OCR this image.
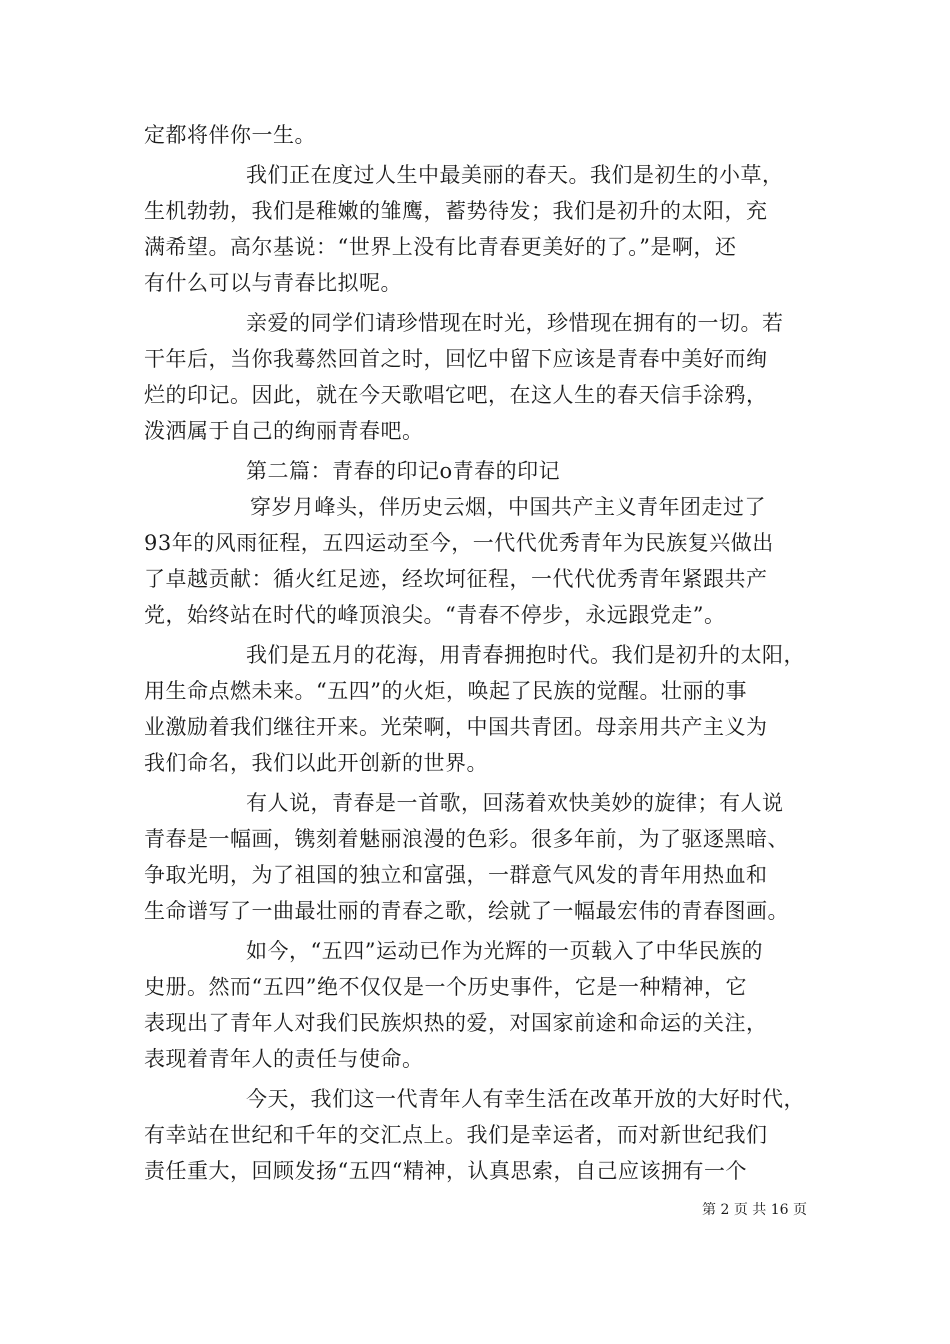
定都将伴你一生。
我们正在度过人生中最美丽的春天。我们是初生的小草，
生机勃勃，我们是稚嫩的雏鹰，蓄势待发；我们是初升的太阳，充
满希望。高尔基说：“世界上没有比青春更美好的了。”是啊，还
有什么可以与青春比拟呢。
亲爱的同学们请珍惜现在时光，珍惜现在拥有的一切。若
干年后，当你我蓦然回首之时，回忆中留下应该是青春中美好而绚
烂的印记。因此，就在今天歌唱它吧，在这人生的春天信手涂鸦，
泼洒属于自己的绚丽青春吧。
第二篇：青春的印记o青春的印记
穿岁月峰头，伴历史云烟，中国共产主义青年团走过了
93年的风雨征程，五四运动至今，一代代优秀青年为民族复兴做出
了卓越贡献：循火红足迹，经坎坷征程，一代代优秀青年紧跟共产
党，始终站在时代的峰顶浪尖。“青春不停步，永远跟党走”。
我们是五月的花海，用青春拥抱时代。我们是初升的太阳，
用生命点燃未来。“五四”的火炬，唤起了民族的觉醒。壮丽的事
业激励着我们继往开来。光荣啊，中国共青团。母亲用共产主义为
我们命名，我们以此开创新的世界。
有人说，青春是一首歌，回荡着欢快美妙的旋律；有人说
青春是一幅画，镌刻着魅丽浪漫的色彩。很多年前，为了驱逐黑暗、
争取光明，为了祖国的独立和富强，一群意气风发的青年用热血和
生命谱写了一曲最壮丽的青春之歌，绘就了一幅最宏伟的青春图画。
如今，“五四”运动已作为光辉的一页载入了中华民族的
史册。然而“五四”绝不仅仅是一个历史事件，它是一种精神，它
表现出了青年人对我们民族炽热的爱，对国家前途和命运的关注，
表现着青年人的责任与使命。
今天，我们这一代青年人有幸生活在改革开放的大好时代，
有幸站在世纪和千年的交汇点上。我们是幸运者，而对新世纪我们
责任重大，回顾发扬“五四“精神，认真思索，自己应该拥有一个
第 2 页 共 16 页
